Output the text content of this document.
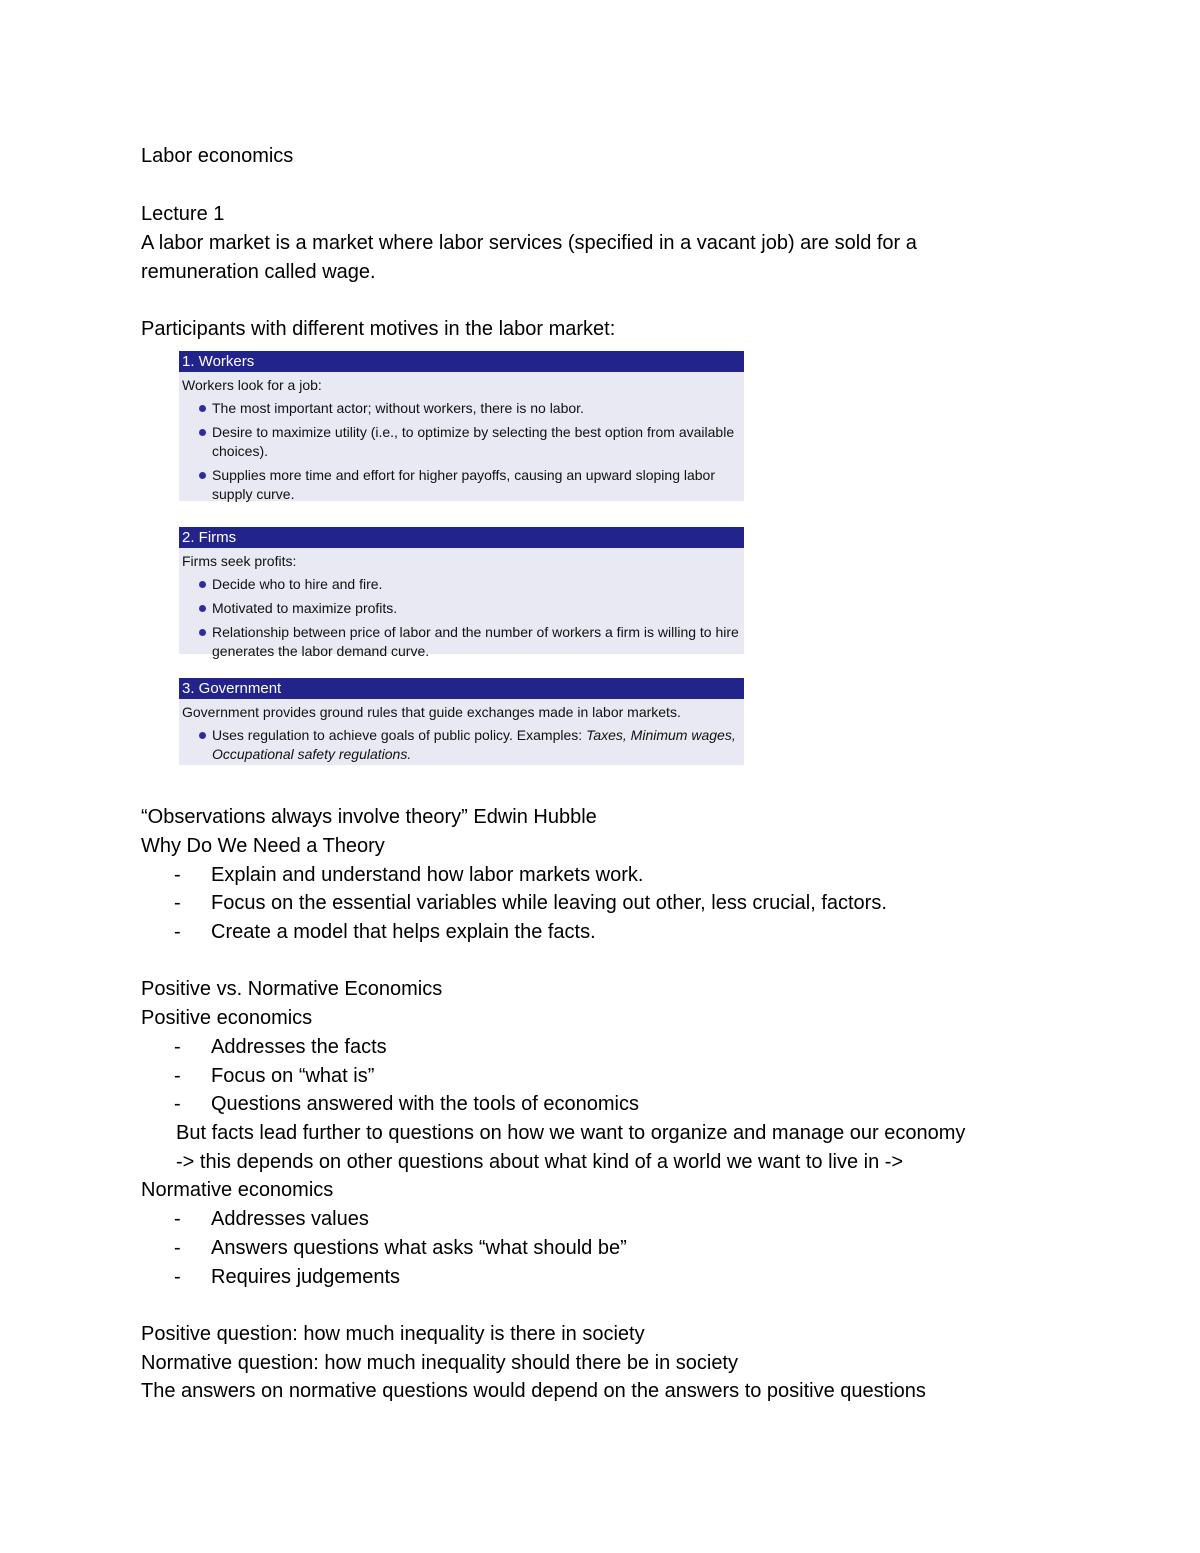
Labor economics
Lecture 1
A labor market is a market where labor services (specified in a vacant job) are sold for a
remuneration called wage.
Participants with different motives in the labor market:
1. Workers
Workers look for a job:
The most important actor; without workers, there is no labor.
Desire to maximize utility (i.e., to optimize by selecting the best option from available choices).
Supplies more time and effort for higher payoffs, causing an upward sloping labor supply curve.
2. Firms
Firms seek profits:
Decide who to hire and fire.
Motivated to maximize profits.
Relationship between price of labor and the number of workers a firm is willing to hire generates the labor demand curve.
3. Government
Government provides ground rules that guide exchanges made in labor markets.
Uses regulation to achieve goals of public policy. Examples: Taxes, Minimum wages, Occupational safety regulations.
“Observations always involve theory” Edwin Hubble
Why Do We Need a Theory
- Explain and understand how labor markets work.
- Focus on the essential variables while leaving out other, less crucial, factors.
- Create a model that helps explain the facts.
Positive vs. Normative Economics
Positive economics
- Addresses the facts
- Focus on “what is”
- Questions answered with the tools of economics
But facts lead further to questions on how we want to organize and manage our economy
-> this depends on other questions about what kind of a world we want to live in ->
Normative economics
- Addresses values
- Answers questions what asks “what should be”
- Requires judgements
Positive question: how much inequality is there in society
Normative question: how much inequality should there be in society
The answers on normative questions would depend on the answers to positive questions
